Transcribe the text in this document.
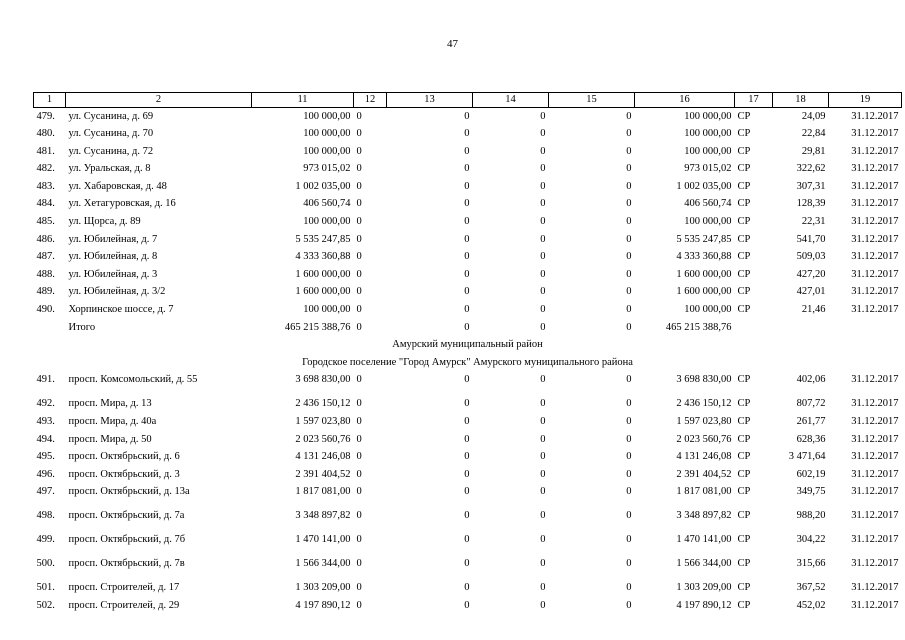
47
1	2	11	12	13	14	15	16	17	18	19
479.	ул. Сусанина, д. 69	100 000,00	0	0	0	0	100 000,00	СР	24,09	31.12.2017
480.	ул. Сусанина, д. 70	100 000,00	0	0	0	0	100 000,00	СР	22,84	31.12.2017
481.	ул. Сусанина, д. 72	100 000,00	0	0	0	0	100 000,00	СР	29,81	31.12.2017
482.	ул. Уральская, д. 8	973 015,02	0	0	0	0	973 015,02	СР	322,62	31.12.2017
483.	ул. Хабаровская, д. 48	1 002 035,00	0	0	0	0	1 002 035,00	СР	307,31	31.12.2017
484.	ул. Хетагуровская, д. 16	406 560,74	0	0	0	0	406 560,74	СР	128,39	31.12.2017
485.	ул. Щорса, д. 89	100 000,00	0	0	0	0	100 000,00	СР	22,31	31.12.2017
486.	ул. Юбилейная, д. 7	5 535 247,85	0	0	0	0	5 535 247,85	СР	541,70	31.12.2017
487.	ул. Юбилейная, д. 8	4 333 360,88	0	0	0	0	4 333 360,88	СР	509,03	31.12.2017
488.	ул. Юбилейная, д. 3	1 600 000,00	0	0	0	0	1 600 000,00	СР	427,20	31.12.2017
489.	ул. Юбилейная, д. 3/2	1 600 000,00	0	0	0	0	1 600 000,00	СР	427,01	31.12.2017
490.	Хорпинское шоссе, д. 7	100 000,00	0	0	0	0	100 000,00	СР	21,46	31.12.2017
	Итого	465 215 388,76	0	0	0	0	465 215 388,76			
Амурский муниципальный район										
Городское поселение "Город Амурск" Амурского муниципального района										
491.	просп. Комсомольский, д. 55	3 698 830,00	0	0	0	0	3 698 830,00	СР	402,06	31.12.2017
492.	просп. Мира, д. 13	2 436 150,12	0	0	0	0	2 436 150,12	СР	807,72	31.12.2017
493.	просп. Мира, д. 40а	1 597 023,80	0	0	0	0	1 597 023,80	СР	261,77	31.12.2017
494.	просп. Мира, д. 50	2 023 560,76	0	0	0	0	2 023 560,76	СР	628,36	31.12.2017
495.	просп. Октябрьский, д. 6	4 131 246,08	0	0	0	0	4 131 246,08	СР	3 471,64	31.12.2017
496.	просп. Октябрьский, д. 3	2 391 404,52	0	0	0	0	2 391 404,52	СР	602,19	31.12.2017
497.	просп. Октябрьский, д. 13а	1 817 081,00	0	0	0	0	1 817 081,00	СР	349,75	31.12.2017
498.	просп. Октябрьский, д. 7а	3 348 897,82	0	0	0	0	3 348 897,82	СР	988,20	31.12.2017
499.	просп. Октябрьский, д. 7б	1 470 141,00	0	0	0	0	1 470 141,00	СР	304,22	31.12.2017
500.	просп. Октябрьский, д. 7в	1 566 344,00	0	0	0	0	1 566 344,00	СР	315,66	31.12.2017
501.	просп. Строителей, д. 17	1 303 209,00	0	0	0	0	1 303 209,00	СР	367,52	31.12.2017
502.	просп. Строителей, д. 29	4 197 890,12	0	0	0	0	4 197 890,12	СР	452,02	31.12.2017
